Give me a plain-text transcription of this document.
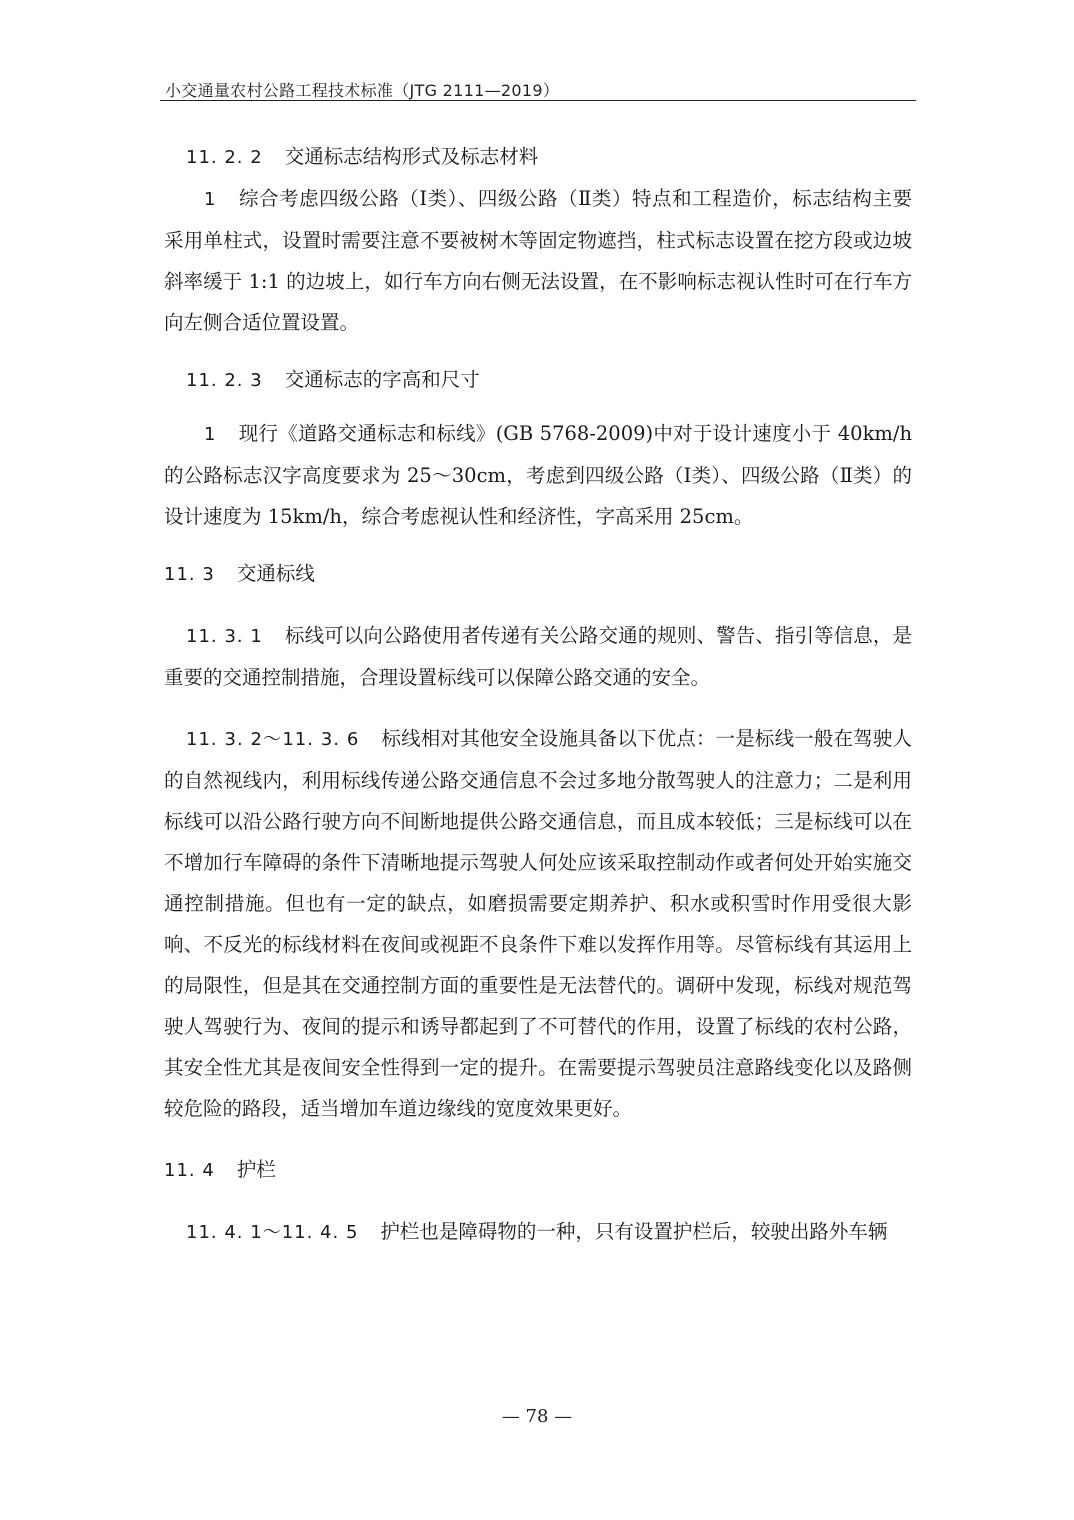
小交通量农村公路工程技术标准（JTG 2111—2019）
11. 2. 2 交通标志结构形式及标志材料

1 综合考虑四级公路（Ⅰ类）、四级公路（Ⅱ类）特点和工程造价，标志结构主要采用单柱式，设置时需要注意不要被树木等固定物遮挡，柱式标志设置在挖方段或边坡斜率缓于 1:1 的边坡上，如行车方向右侧无法设置，在不影响标志视认性时可在行车方向左侧合适位置设置。

11. 2. 3 交通标志的字高和尺寸

1 现行《道路交通标志和标线》(GB 5768-2009)中对于设计速度小于 40km/h 的公路标志汉字高度要求为 25～30cm，考虑到四级公路（Ⅰ类）、四级公路（Ⅱ类）的设计速度为 15km/h，综合考虑视认性和经济性，字高采用 25cm。

11. 3 交通标线

11. 3. 1 标线可以向公路使用者传递有关公路交通的规则、警告、指引等信息，是重要的交通控制措施，合理设置标线可以保障公路交通的安全。

11. 3. 2～11. 3. 6 标线相对其他安全设施具备以下优点：一是标线一般在驾驶人的自然视线内，利用标线传递公路交通信息不会过多地分散驾驶人的注意力；二是利用标线可以沿公路行驶方向不间断地提供公路交通信息，而且成本较低；三是标线可以在不增加行车障碍的条件下清晰地提示驾驶人何处应该采取控制动作或者何处开始实施交通控制措施。但也有一定的缺点，如磨损需要定期养护、积水或积雪时作用受很大影响、不反光的标线材料在夜间或视距不良条件下难以发挥作用等。尽管标线有其运用上的局限性，但是其在交通控制方面的重要性是无法替代的。调研中发现，标线对规范驾驶人驾驶行为、夜间的提示和诱导都起到了不可替代的作用，设置了标线的农村公路，其安全性尤其是夜间安全性得到一定的提升。在需要提示驾驶员注意路线变化以及路侧较危险的路段，适当增加车道边缘线的宽度效果更好。

11. 4 护栏

11. 4. 1～11. 4. 5 护栏也是障碍物的一种，只有设置护栏后，较驶出路外车辆

— 78 —
